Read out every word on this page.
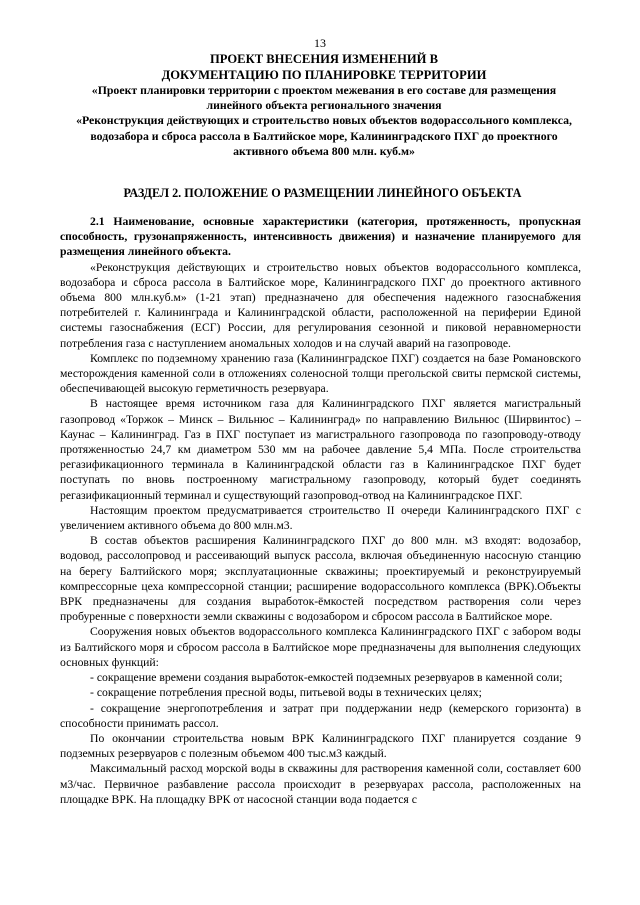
13
ПРОЕКТ ВНЕСЕНИЯ ИЗМЕНЕНИЙ В
ДОКУМЕНТАЦИЮ ПО ПЛАНИРОВКЕ ТЕРРИТОРИИ
«Проект планировки территории с проектом межевания в его составе для размещения линейного объекта регионального значения
«Реконструкция действующих и строительство новых объектов водорассольного комплекса, водозабора и сброса рассола в Балтийское море, Калининградского ПХГ до проектного активного объема 800 млн. куб.м»
РАЗДЕЛ 2. ПОЛОЖЕНИЕ О РАЗМЕЩЕНИИ ЛИНЕЙНОГО ОБЪЕКТА

2.1 Наименование, основные характеристики (категория, протяженность, пропускная способность, грузонапряженность, интенсивность движения) и назначение планируемого для размещения линейного объекта.

«Реконструкция действующих и строительство новых объектов водорассольного комплекса, водозабора и сброса рассола в Балтийское море, Калининградского ПХГ до проектного активного объема 800 млн.куб.м» (1-21 этап) предназначено для обеспечения надежного газоснабжения потребителей г. Калининграда и Калининградской области, расположенной на периферии Единой системы газоснабжения (ЕСГ) России, для регулирования сезонной и пиковой неравномерности потребления газа с наступлением аномальных холодов и на случай аварий на газопроводе.

Комплекс по подземному хранению газа (Калининградское ПХГ) создается на базе Романовского месторождения каменной соли в отложениях соленосной толщи прегольской свиты пермской системы, обеспечивающей высокую герметичность резервуара.

В настоящее время источником газа для Калининградского ПХГ является магистральный газопровод «Торжок – Минск – Вильнюс – Калининград» по направлению Вильнюс (Ширвинтос) – Каунас – Калининград. Газ в ПХГ поступает из магистрального газопровода по газопроводу-отводу протяженностью 24,7 км диаметром 530 мм на рабочее давление 5,4 МПа. После строительства регазификационного терминала в Калининградской области газ в Калининградское ПХГ будет поступать по вновь построенному магистральному газопроводу, который будет соединять регазификационный терминал и существующий газопровод-отвод на Калининградское ПХГ.

Настоящим проектом предусматривается строительство II очереди Калининградского ПХГ с увеличением активного объема до 800 млн.м3.

В состав объектов расширения Калининградского ПХГ до 800 млн. м3 входят: водозабор, водовод, рассолопровод и рассеивающий выпуск рассола, включая объединенную насосную станцию на берегу Балтийского моря; эксплуатационные скважины; проектируемый и реконструируемый компрессорные цеха компрессорной станции; расширение водорассольного комплекса (ВРК).Объекты ВРК предназначены для создания выработок-ёмкостей посредством растворения соли через пробуренные с поверхности земли скважины с водозабором и сбросом рассола в Балтийское море.

Сооружения новых объектов водорассольного комплекса Калининградского ПХГ с забором воды из Балтийского моря и сбросом рассола в Балтийское море предназначены для выполнения следующих основных функций:

- сокращение времени создания выработок-емкостей подземных резервуаров в каменной соли;

- сокращение потребления пресной воды, питьевой воды в технических целях;

- сокращение энергопотребления и затрат при поддержании недр (кемерского горизонта) в способности принимать рассол.

По окончании строительства новым ВРК Калининградского ПХГ планируется создание 9 подземных резервуаров с полезным объемом 400 тыс.м3 каждый.

Максимальный расход морской воды в скважины для растворения каменной соли, составляет 600 м3/час. Первичное разбавление рассола происходит в резервуарах рассола, расположенных на площадке ВРК. На площадку ВРК от насосной станции вода подается с
